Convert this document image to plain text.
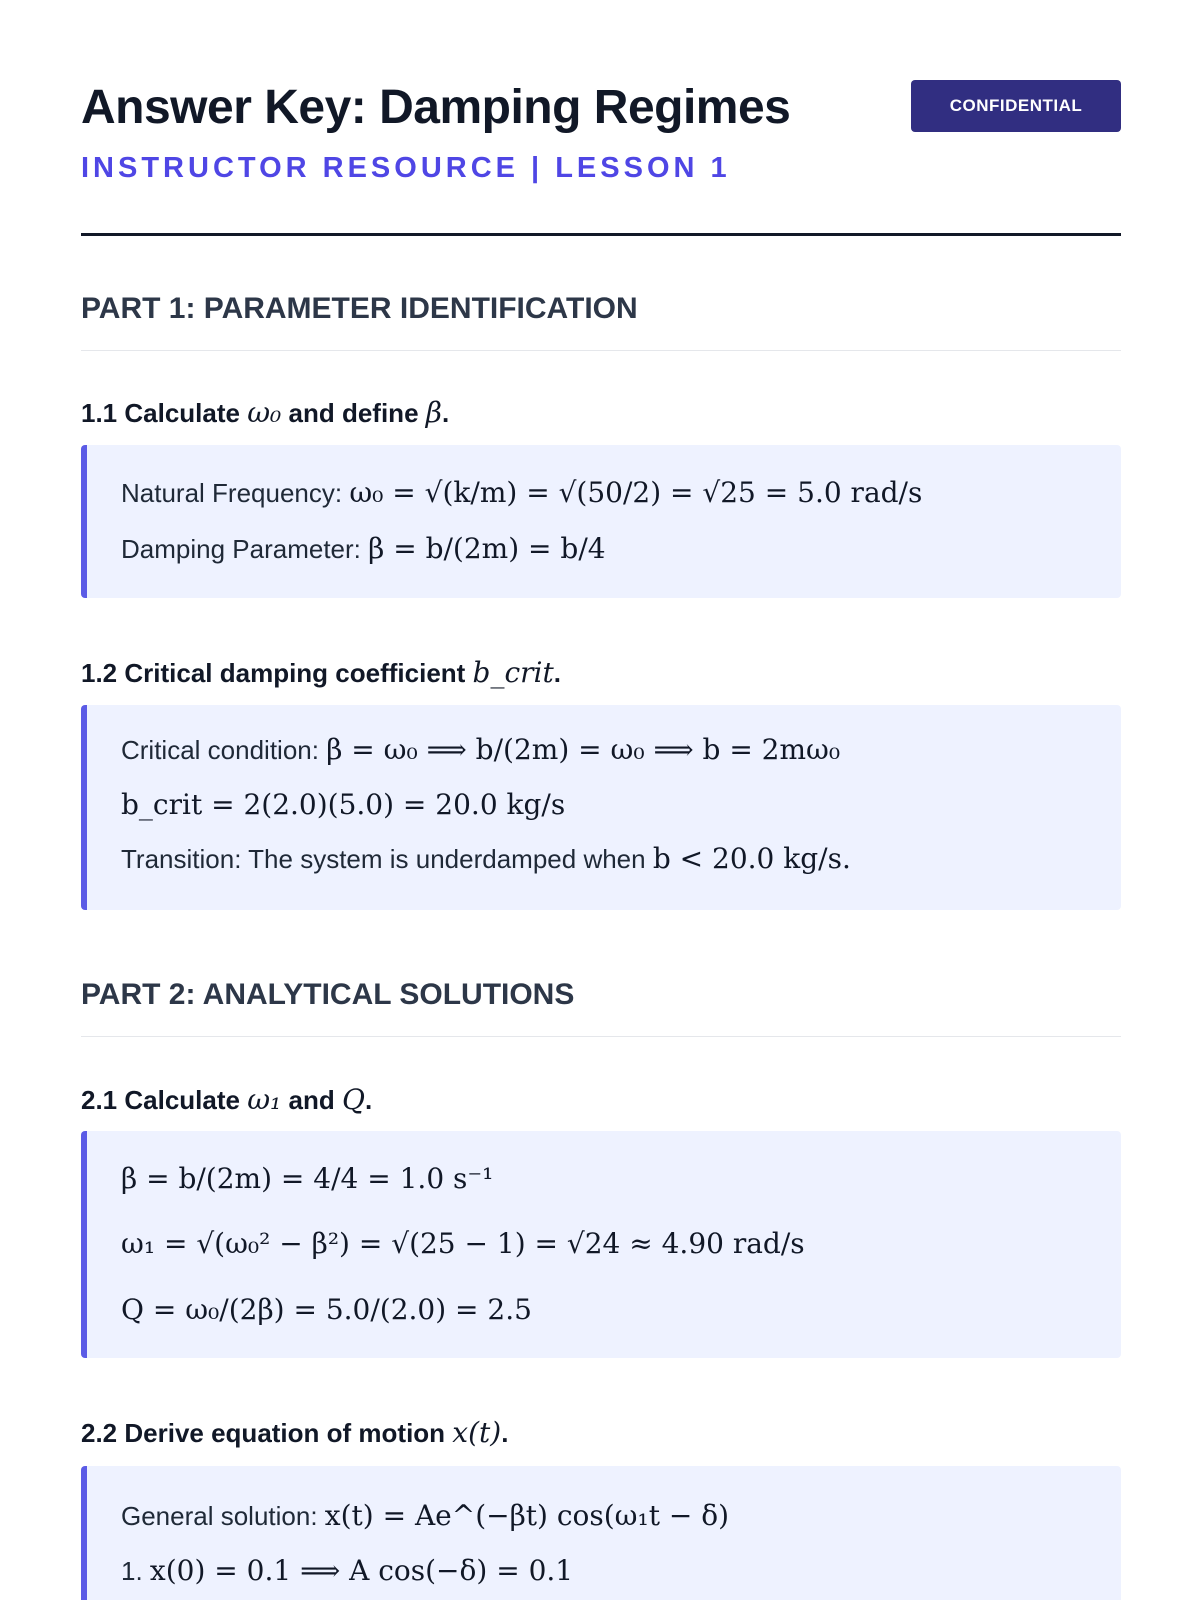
Answer Key: Damping Regimes	CONFIDENTIAL
INSTRUCTOR RESOURCE | LESSON 1
PART 1: PARAMETER IDENTIFICATION
1.1 Calculate ω₀ and define β.
Natural Frequency: ω₀ = √(k/m) = √(50/2) = √25 = 5.0 rad/s
Damping Parameter: β = b/(2m) = b/4
1.2 Critical damping coefficient b_crit.
Critical condition: β = ω₀ ⟹ b/(2m) = ω₀ ⟹ b = 2mω₀
b_crit = 2(2.0)(5.0) = 20.0 kg/s
Transition: The system is underdamped when b < 20.0 kg/s.
PART 2: ANALYTICAL SOLUTIONS
2.1 Calculate ω₁ and Q.
β = b/(2m) = 4/4 = 1.0 s⁻¹
ω₁ = √(ω₀² − β²) = √(25 − 1) = √24 ≈ 4.90 rad/s
Q = ω₀/(2β) = 5.0/(2.0) = 2.5
2.2 Derive equation of motion x(t).
General solution: x(t) = Ae^(−βt) cos(ω₁t − δ)
1. x(0) = 0.1 ⟹ A cos(−δ) = 0.1
